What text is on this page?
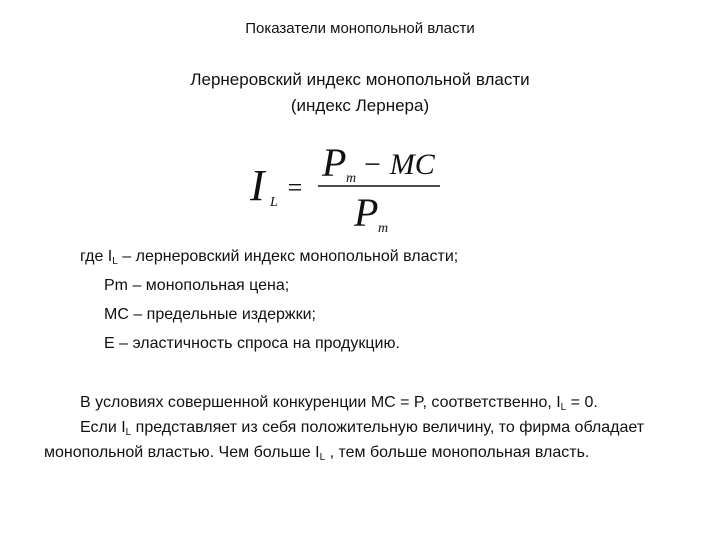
Показатели монопольной власти
Лернеровский индекс монопольной власти
(индекс Лернера)
I L
=
P m − MC
P m
где $I_L$ – лернеровский индекс монопольной власти;
Pm – монопольная цена;
MC – предельные издержки;
E – эластичность спроса на продукцию.
В условиях совершенной конкуренции MC = P, соответственно, $I_L = 0$.
Если $I_L$ представляет из себя положительную величину, то фирма обладает монопольной властью. Чем больше $I_L$ , тем больше монопольная власть.
